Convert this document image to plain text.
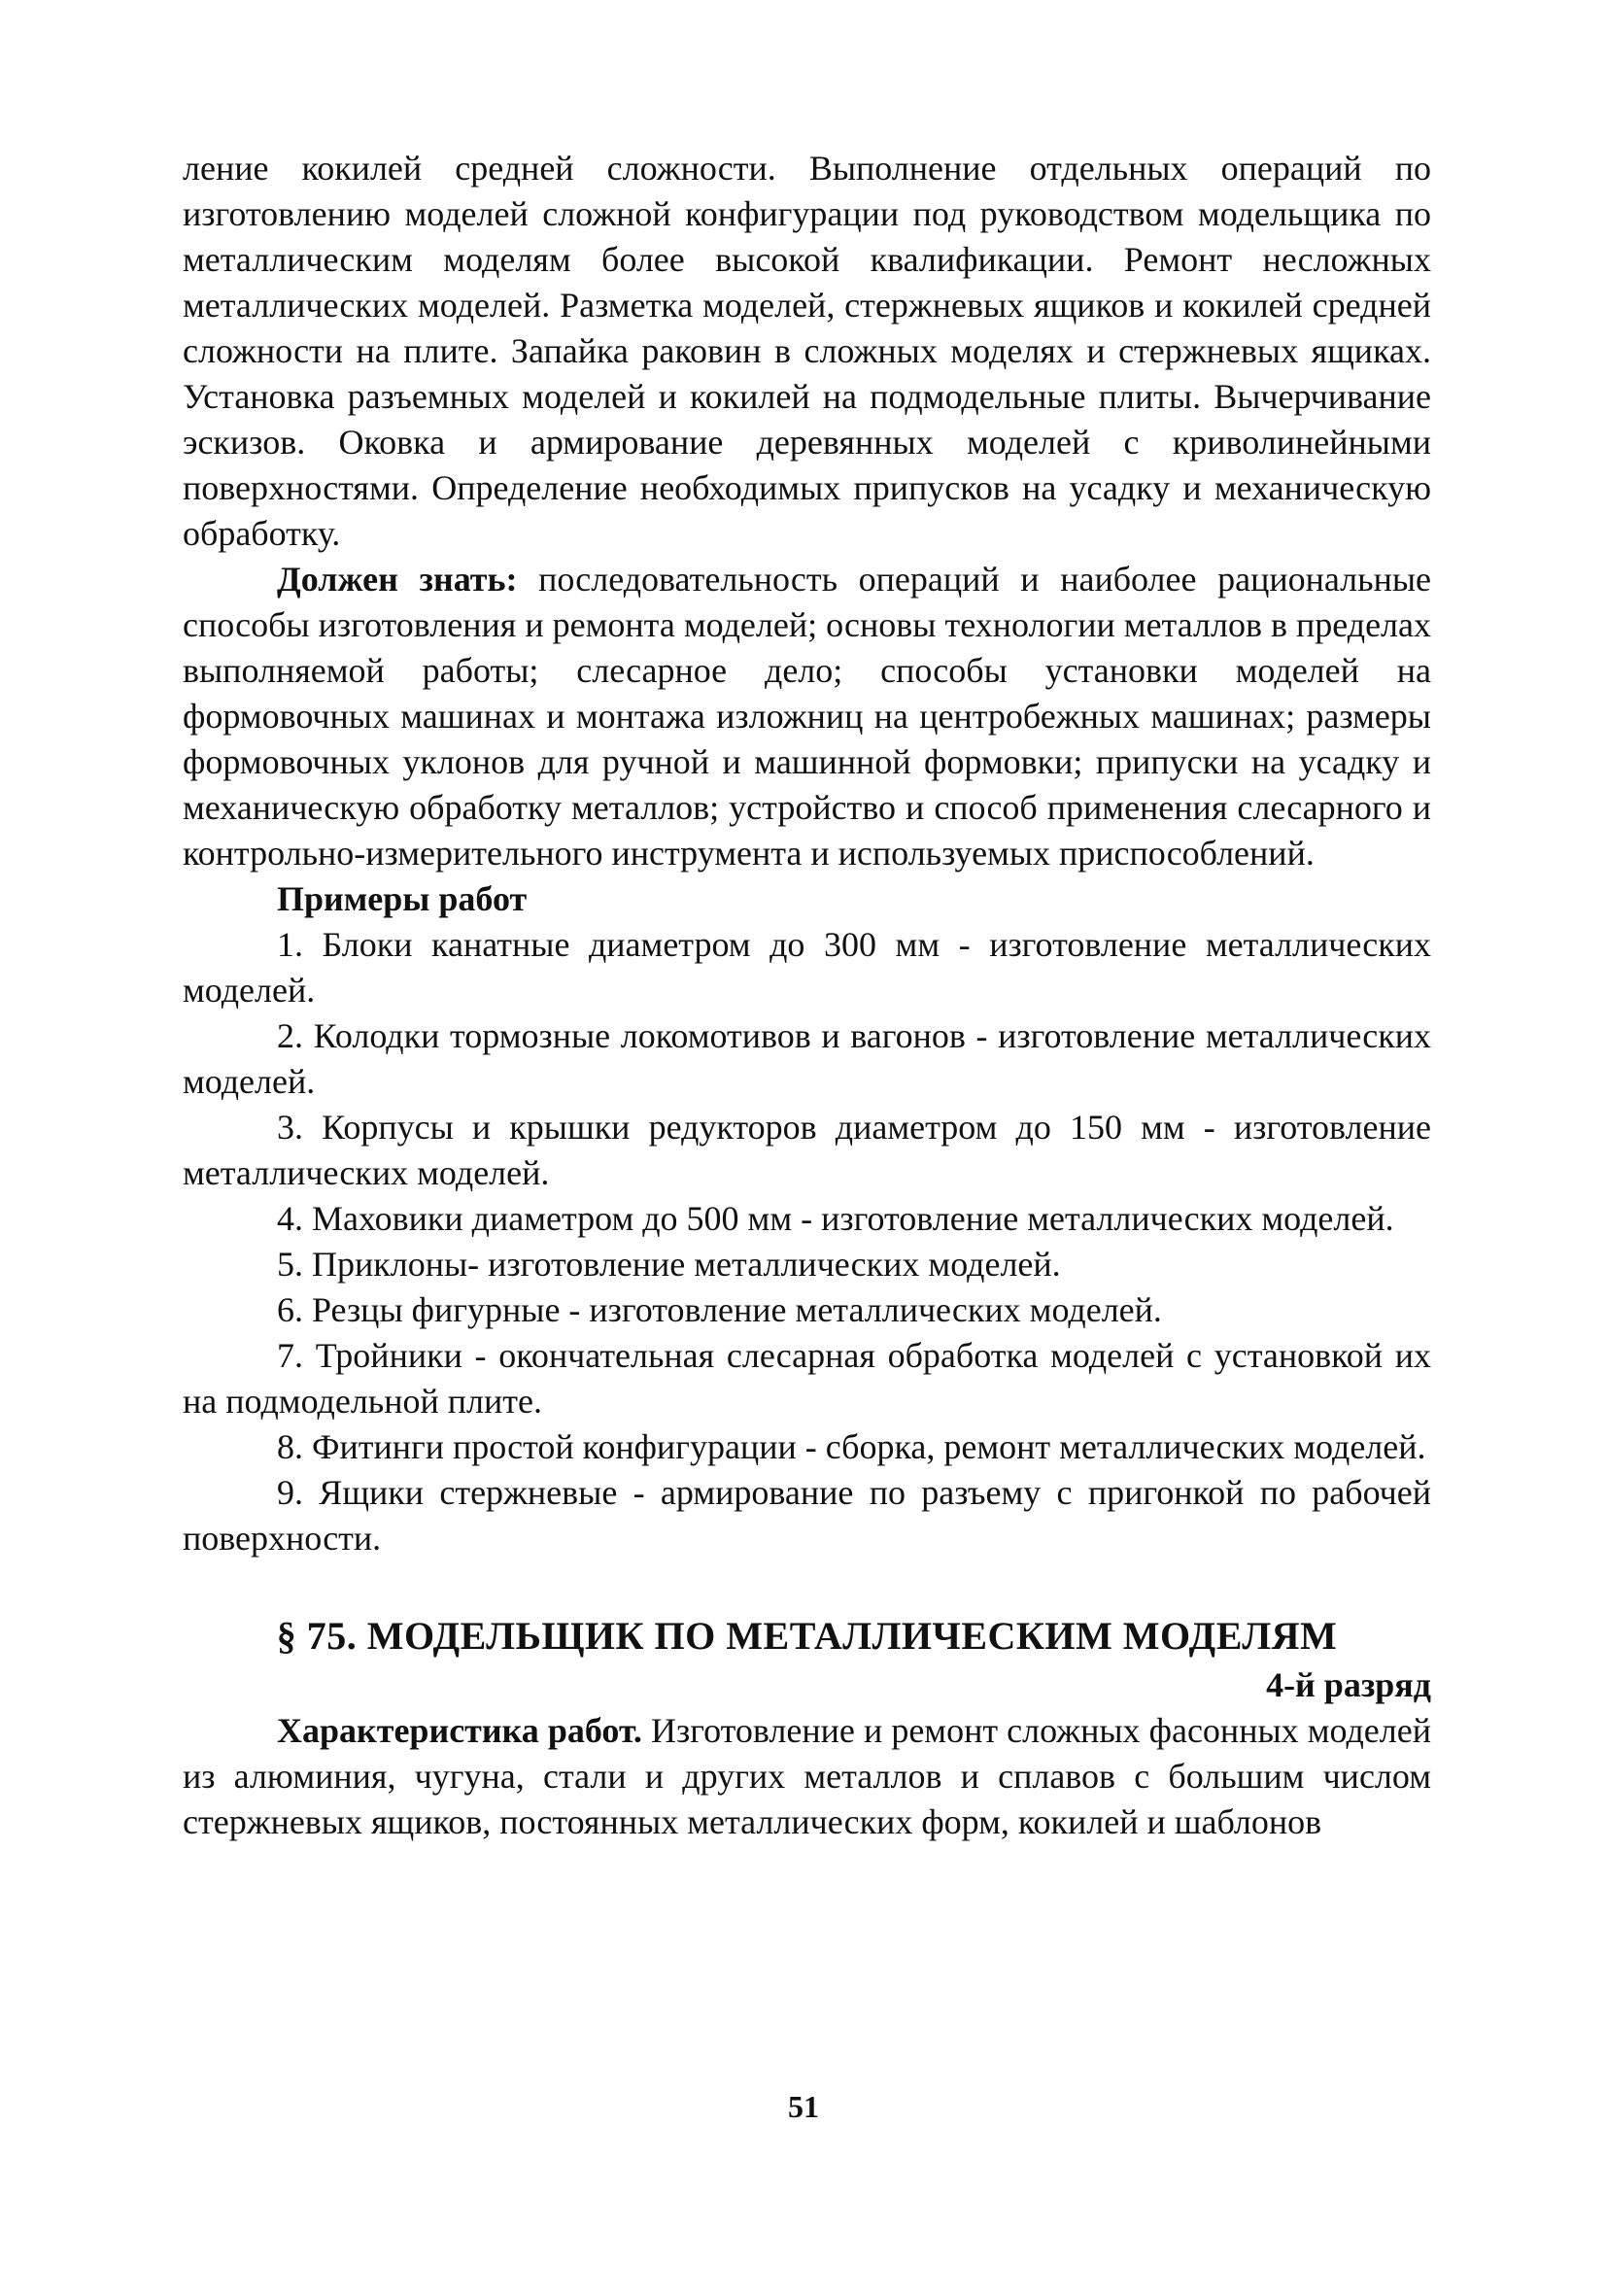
ление кокилей средней сложности. Выполнение отдельных операций по изготовлению моделей сложной конфигурации под руководством модельщика по металлическим моделям более высокой квалификации. Ремонт несложных металлических моделей. Разметка моделей, стержневых ящиков и кокилей средней сложности на плите. Запайка раковин в сложных моделях и стержневых ящиках. Установка разъемных моделей и кокилей на подмодельные плиты. Вычерчивание эскизов. Оковка и армирование деревянных моделей с криволинейными поверхностями. Определение необходимых припусков на усадку и механическую обработку.

Должен знать: последовательность операций и наиболее рациональные способы изготовления и ремонта моделей; основы технологии металлов в пределах выполняемой работы; слесарное дело; способы установки моделей на формовочных машинах и монтажа изложниц на центробежных машинах; размеры формовочных уклонов для ручной и машинной формовки; припуски на усадку и механическую обработку металлов; устройство и способ применения слесарного и контрольно-измерительного инструмента и используемых приспособлений.

Примеры работ

1. Блоки канатные диаметром до 300 мм - изготовление металлических моделей.
2. Колодки тормозные локомотивов и вагонов - изготовление металлических моделей.
3. Корпусы и крышки редукторов диаметром до 150 мм - изготовление металлических моделей.
4. Маховики диаметром до 500 мм - изготовление металлических моделей.
5. Приклоны- изготовление металлических моделей.
6. Резцы фигурные - изготовление металлических моделей.
7. Тройники - окончательная слесарная обработка моделей с установкой их на подмодельной плите.
8. Фитинги простой конфигурации - сборка, ремонт металлических моделей.
9. Ящики стержневые - армирование по разъему с пригонкой по рабочей поверхности.
§ 75. МОДЕЛЬЩИК ПО МЕТАЛЛИЧЕСКИМ МОДЕЛЯМ

4-й разряд

Характеристика работ. Изготовление и ремонт сложных фасонных моделей из алюминия, чугуна, стали и других металлов и сплавов с большим числом стержневых ящиков, постоянных металлических форм, кокилей и шаблонов

51
